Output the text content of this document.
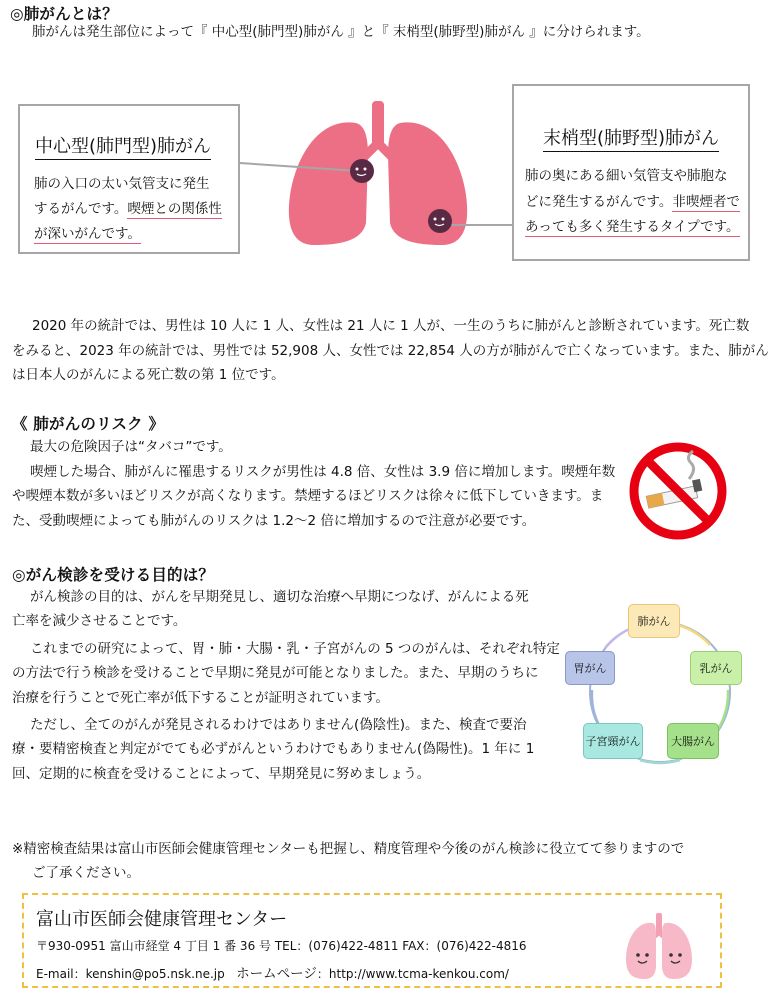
◎肺がんとは？
肺がんは発生部位によって『 中心型(肺門型)肺がん 』と『 末梢型(肺野型)肺がん 』に分けられます。
中心型(肺門型)肺がん
肺の入口の太い気管支に発生
するがんです。喫煙との関係性
が深いがんです。
末梢型(肺野型)肺がん
肺の奥にある細い気管支や肺胞な
どに発生するがんです。非喫煙者で
あっても多く発生するタイプです。
2020 年の統計では、男性は 10 人に 1 人、女性は 21 人に 1 人が、一生のうちに肺がんと診断されています。死亡数
をみると、2023 年の統計では、男性では 52,908 人、女性では 22,854 人の方が肺がんで亡くなっています。また、肺がん
は日本人のがんによる死亡数の第 1 位です。
《 肺がんのリスク 》
最大の危険因子は“タバコ”です。
喫煙した場合、肺がんに罹患するリスクが男性は 4.8 倍、女性は 3.9 倍に増加します。喫煙年数
や喫煙本数が多いほどリスクが高くなります。禁煙するほどリスクは徐々に低下していきます。ま
た、受動喫煙によっても肺がんのリスクは 1.2～2 倍に増加するので注意が必要です。
◎がん検診を受ける目的は？
がん検診の目的は、がんを早期発見し、適切な治療へ早期につなげ、がんによる死
亡率を減少させることです。
これまでの研究によって、胃・肺・大腸・乳・子宮がんの 5 つのがんは、それぞれ特定
の方法で行う検診を受けることで早期に発見が可能となりました。また、早期のうちに
治療を行うことで死亡率が低下することが証明されています。
ただし、全てのがんが発見されるわけではありません(偽陰性)。また、検査で要治
療・要精密検査と判定がでても必ずがんというわけでもありません(偽陽性)。1 年に 1
回、定期的に検査を受けることによって、早期発見に努めましょう。
肺がん
乳がん
大腸がん
子宮頸がん
胃がん
※精密検査結果は富山市医師会健康管理センターも把握し、精度管理や今後のがん検診に役立てて参りますので
ご了承ください。
富山市医師会健康管理センター
〒930-0951 富山市経堂 4 丁目 1 番 36 号 TEL：(076)422-4811 FAX：(076)422-4816
E-mail：kenshin@po5.nsk.ne.jp ホームページ：http://www.tcma-kenkou.com/
